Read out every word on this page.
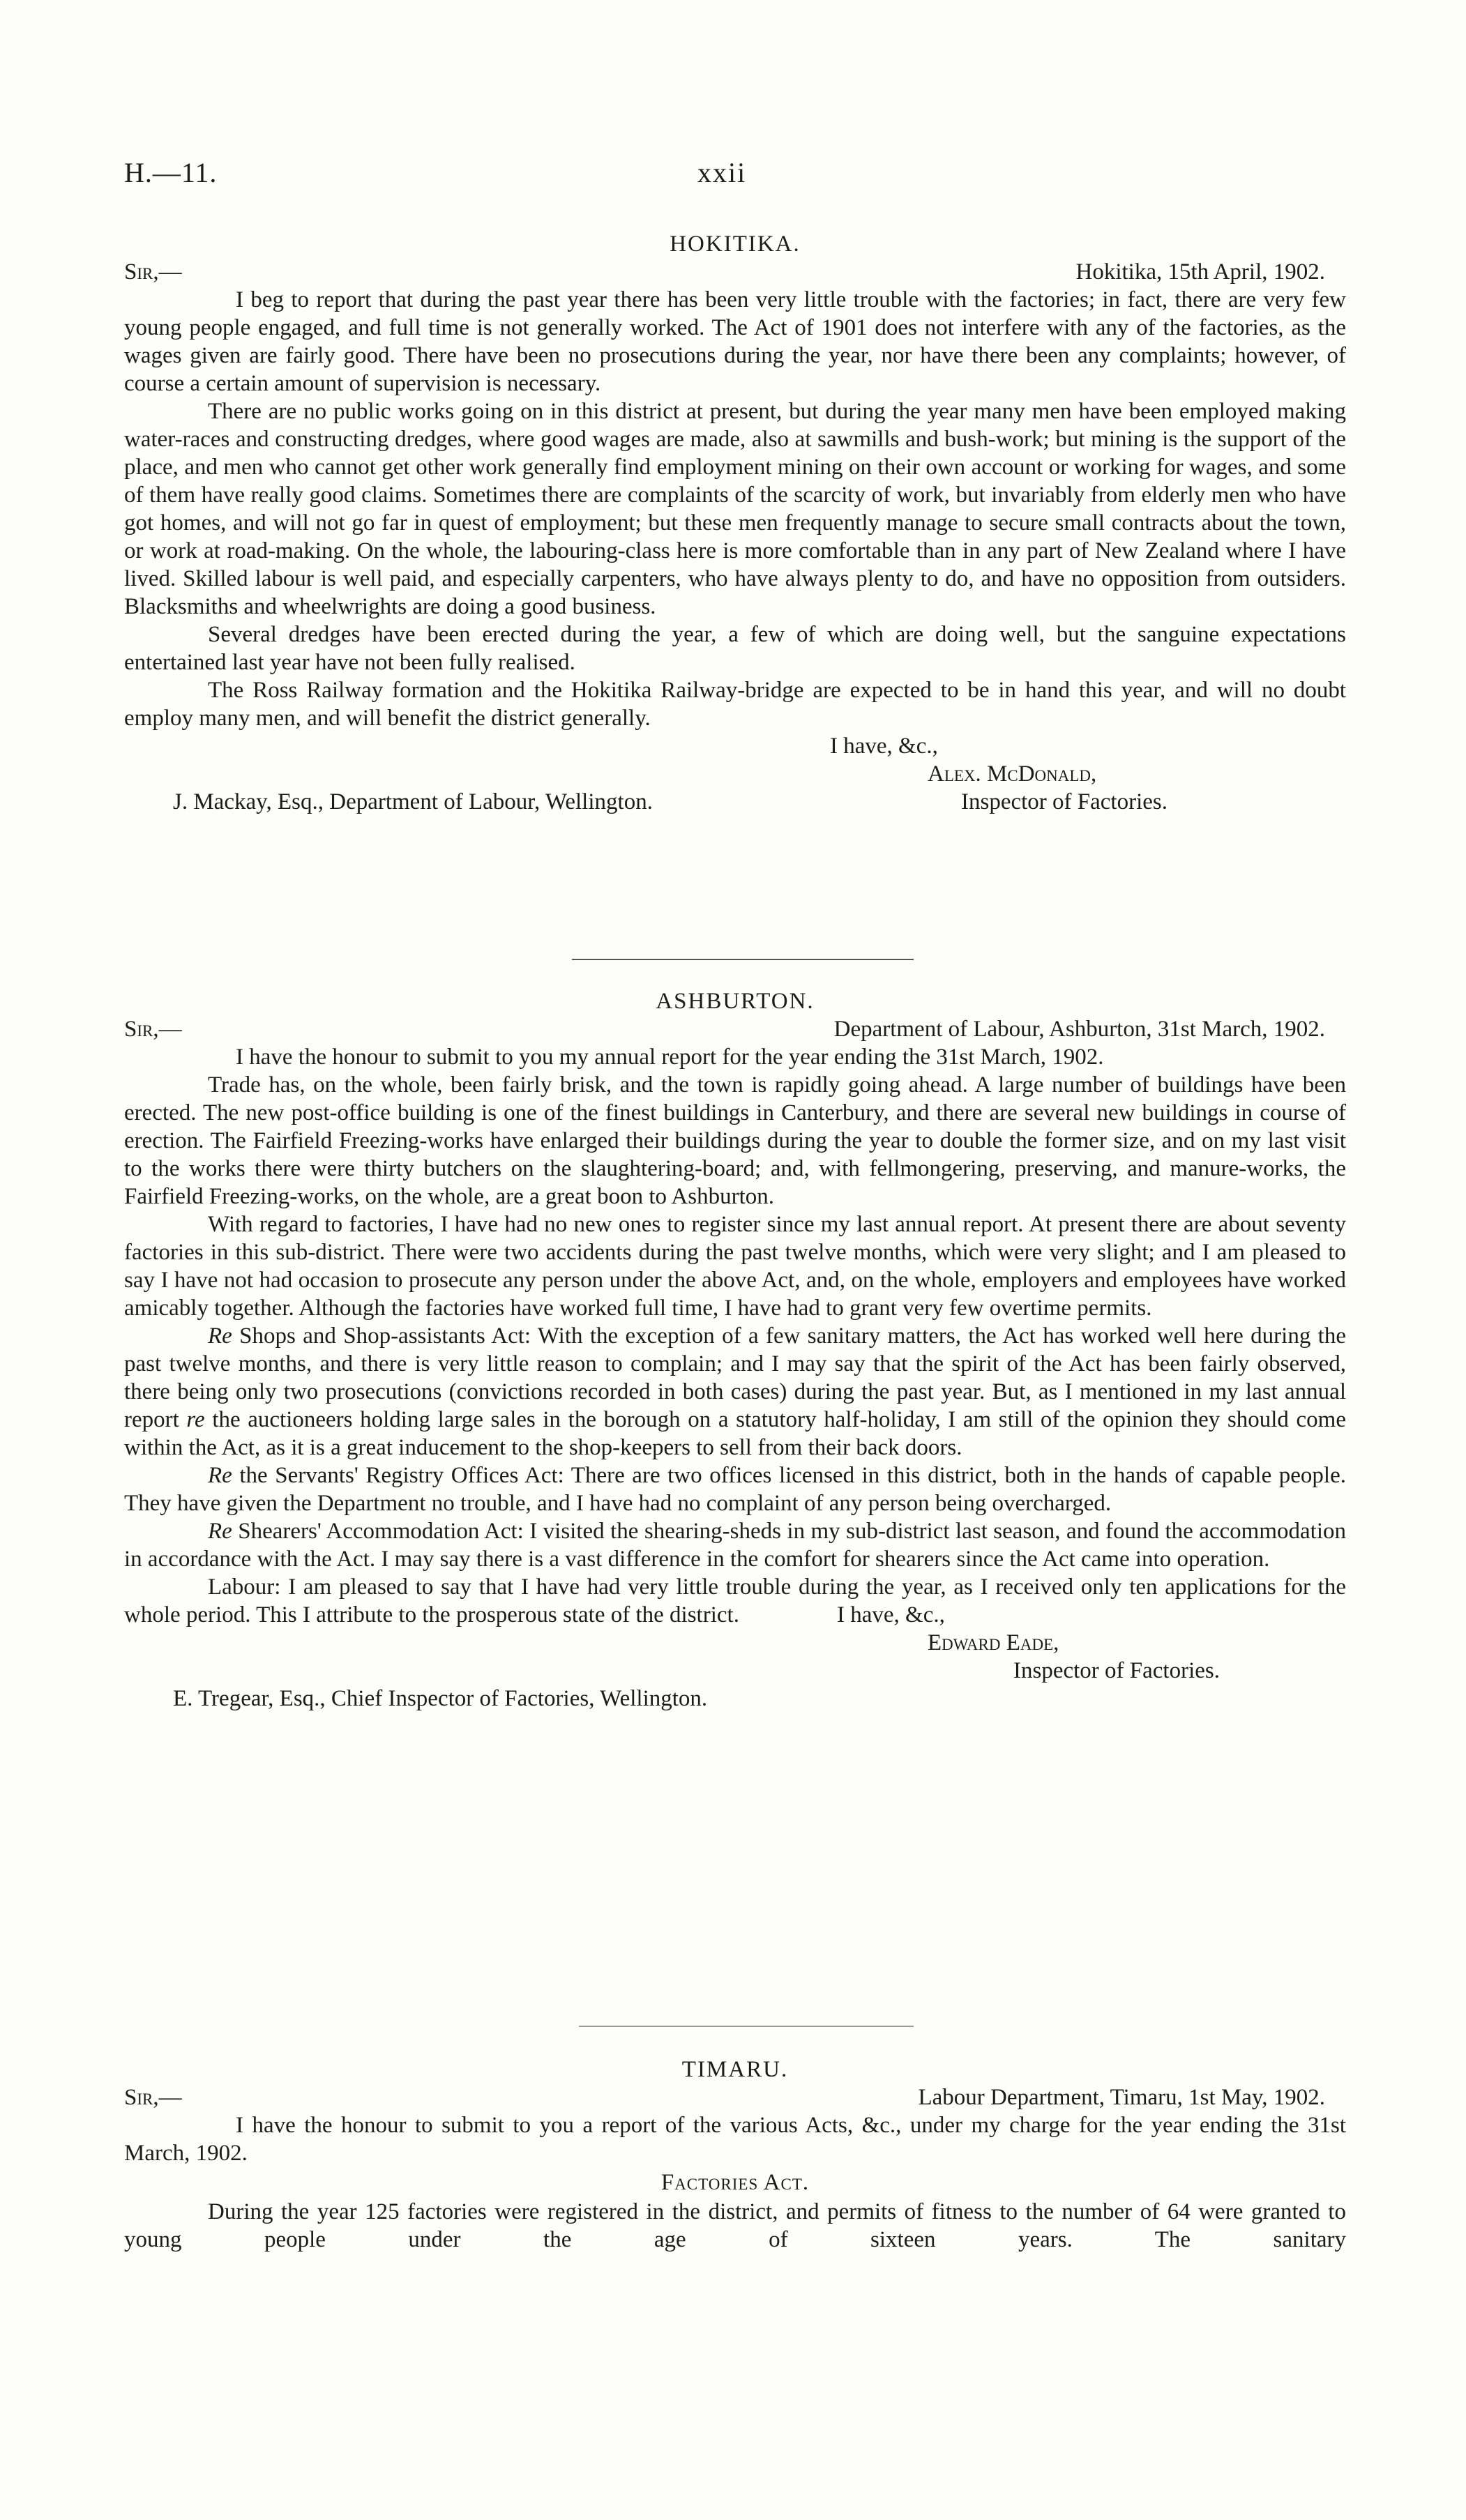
H.—11.	xxii
HOKITIKA.
Sir,—	Hokitika, 15th April, 1902.

I beg to report that during the past year there has been very little trouble with the factories; in fact, there are very few young people engaged, and full time is not generally worked. The Act of 1901 does not interfere with any of the factories, as the wages given are fairly good. There have been no prosecutions during the year, nor have there been any complaints; however, of course a certain amount of supervision is necessary.

There are no public works going on in this district at present, but during the year many men have been employed making water-races and constructing dredges, where good wages are made, also at sawmills and bush-work; but mining is the support of the place, and men who cannot get other work generally find employment mining on their own account or working for wages, and some of them have really good claims. Sometimes there are complaints of the scarcity of work, but invariably from elderly men who have got homes, and will not go far in quest of employment; but these men frequently manage to secure small contracts about the town, or work at road-making. On the whole, the labouring-class here is more comfortable than in any part of New Zealand where I have lived. Skilled labour is well paid, and especially carpenters, who have always plenty to do, and have no opposition from outsiders. Blacksmiths and wheelwrights are doing a good business.

Several dredges have been erected during the year, a few of which are doing well, but the sanguine expectations entertained last year have not been fully realised.

The Ross Railway formation and the Hokitika Railway-bridge are expected to be in hand this year, and will no doubt employ many men, and will benefit the district generally.

I have, &c.,
Alex. McDonald,
J. Mackay, Esq., Department of Labour, Wellington.	Inspector of Factories.
ASHBURTON.
Sir,—	Department of Labour, Ashburton, 31st March, 1902.

I have the honour to submit to you my annual report for the year ending the 31st March, 1902.

Trade has, on the whole, been fairly brisk, and the town is rapidly going ahead. A large number of buildings have been erected. The new post-office building is one of the finest buildings in Canterbury, and there are several new buildings in course of erection. The Fairfield Freezing-works have enlarged their buildings during the year to double the former size, and on my last visit to the works there were thirty butchers on the slaughtering-board; and, with fellmongering, preserving, and manure-works, the Fairfield Freezing-works, on the whole, are a great boon to Ashburton.

With regard to factories, I have had no new ones to register since my last annual report. At present there are about seventy factories in this sub-district. There were two accidents during the past twelve months, which were very slight; and I am pleased to say I have not had occasion to prosecute any person under the above Act, and, on the whole, employers and employees have worked amicably together. Although the factories have worked full time, I have had to grant very few overtime permits.

Re Shops and Shop-assistants Act: With the exception of a few sanitary matters, the Act has worked well here during the past twelve months, and there is very little reason to complain; and I may say that the spirit of the Act has been fairly observed, there being only two prosecutions (convictions recorded in both cases) during the past year. But, as I mentioned in my last annual report re the auctioneers holding large sales in the borough on a statutory half-holiday, I am still of the opinion they should come within the Act, as it is a great inducement to the shop-keepers to sell from their back doors.

Re the Servants' Registry Offices Act: There are two offices licensed in this district, both in the hands of capable people. They have given the Department no trouble, and I have had no complaint of any person being overcharged.

Re Shearers' Accommodation Act: I visited the shearing-sheds in my sub-district last season, and found the accommodation in accordance with the Act. I may say there is a vast difference in the comfort for shearers since the Act came into operation.

Labour: I am pleased to say that I have had very little trouble during the year, as I received only ten applications for the whole period. This I attribute to the prosperous state of the district.	I have, &c.,
Edward Eade,
Inspector of Factories.
E. Tregear, Esq., Chief Inspector of Factories, Wellington.
TIMARU.
Sir,—	Labour Department, Timaru, 1st May, 1902.

I have the honour to submit to you a report of the various Acts, &c., under my charge for the year ending the 31st March, 1902.

Factories Act.

During the year 125 factories were registered in the district, and permits of fitness to the number of 64 were granted to young people under the age of sixteen years. The sanitary
